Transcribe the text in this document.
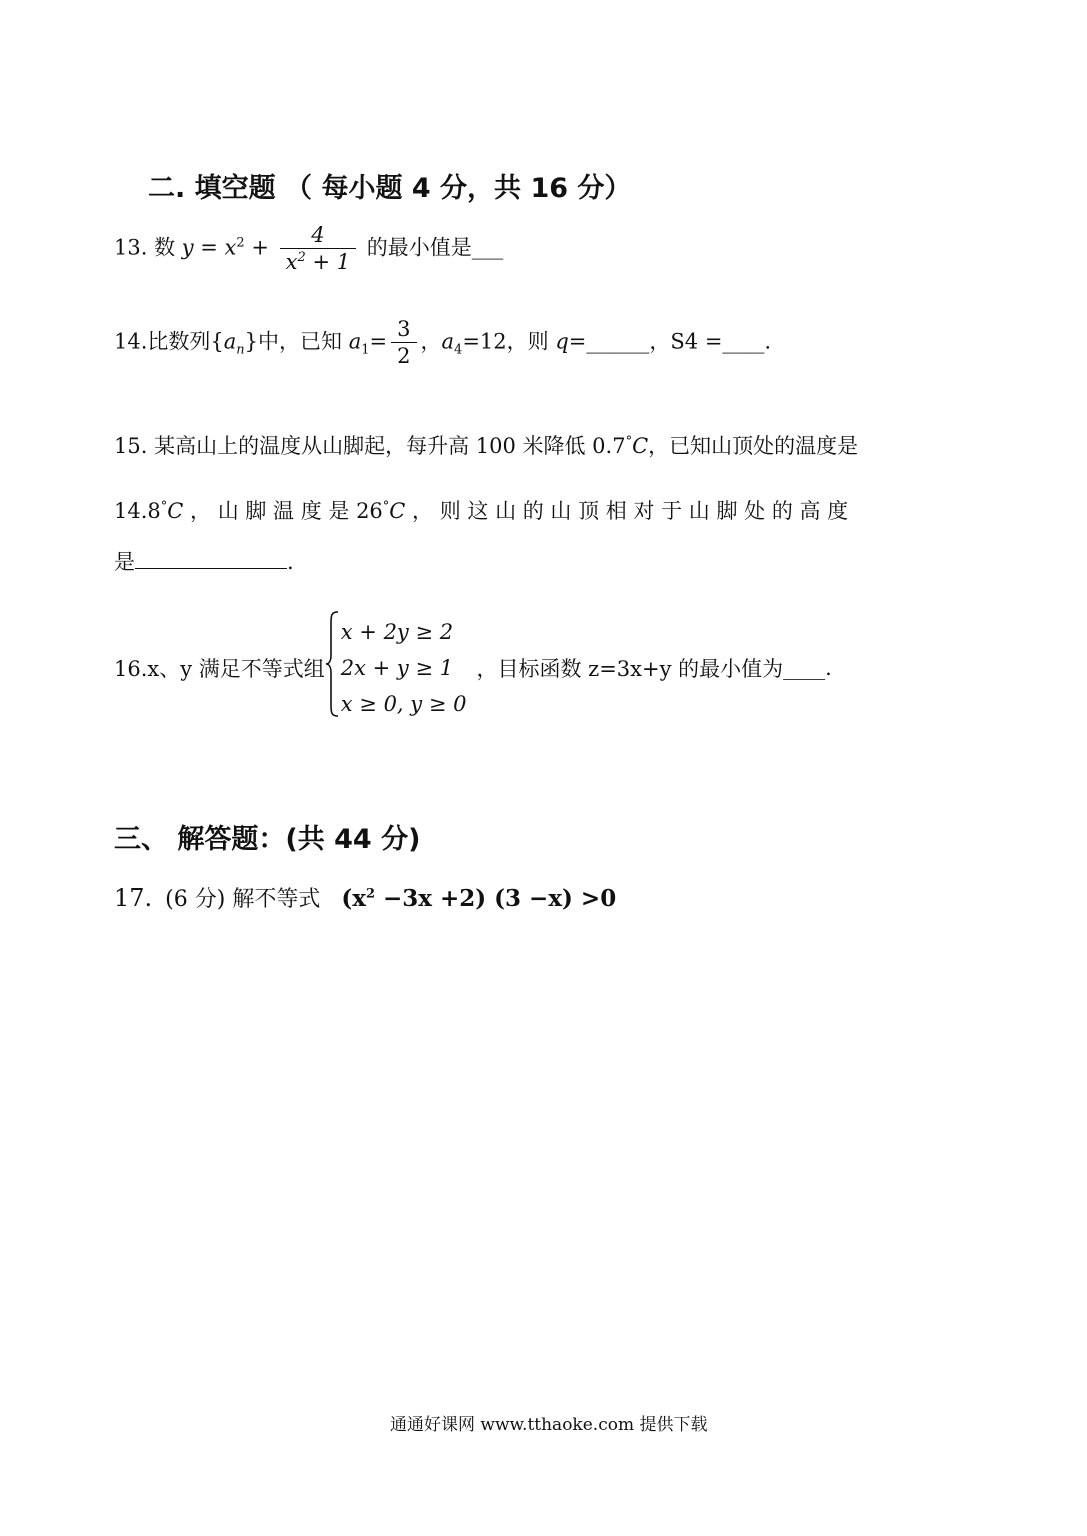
二. 填空题 （ 每小题 4 分，共 16 分）
13. 数 $y = x^2 + \frac{4}{x^2 + 1}$ 的最小值是___
14.比数列$\{a_n\}$中，已知 $a_1= \frac{3}{2}$ ，$a_4=12$，则 q=______，S4 =____.
15. 某高山上的温度从山脚起，每升高 100 米降低 0.7°C，已知山顶处的温度是
14.8°C ， 山 脚 温 度 是 26°C ， 则 这 山 的 山 顶 相 对 于 山 脚 处 的 高 度
是	.
16.x、y 满足不等式组
x + 2y ≥ 2
2x + y ≥ 1
x ≥ 0, y ≥ 0
，目标函数 z=3x+y 的最小值为____.
三、 解答题：(共 44 分)
17. (6 分) 解不等式 $(x^2 -3x +2)$ (3 −x) >0
通通好课网 www.tthaoke.com 提供下载
